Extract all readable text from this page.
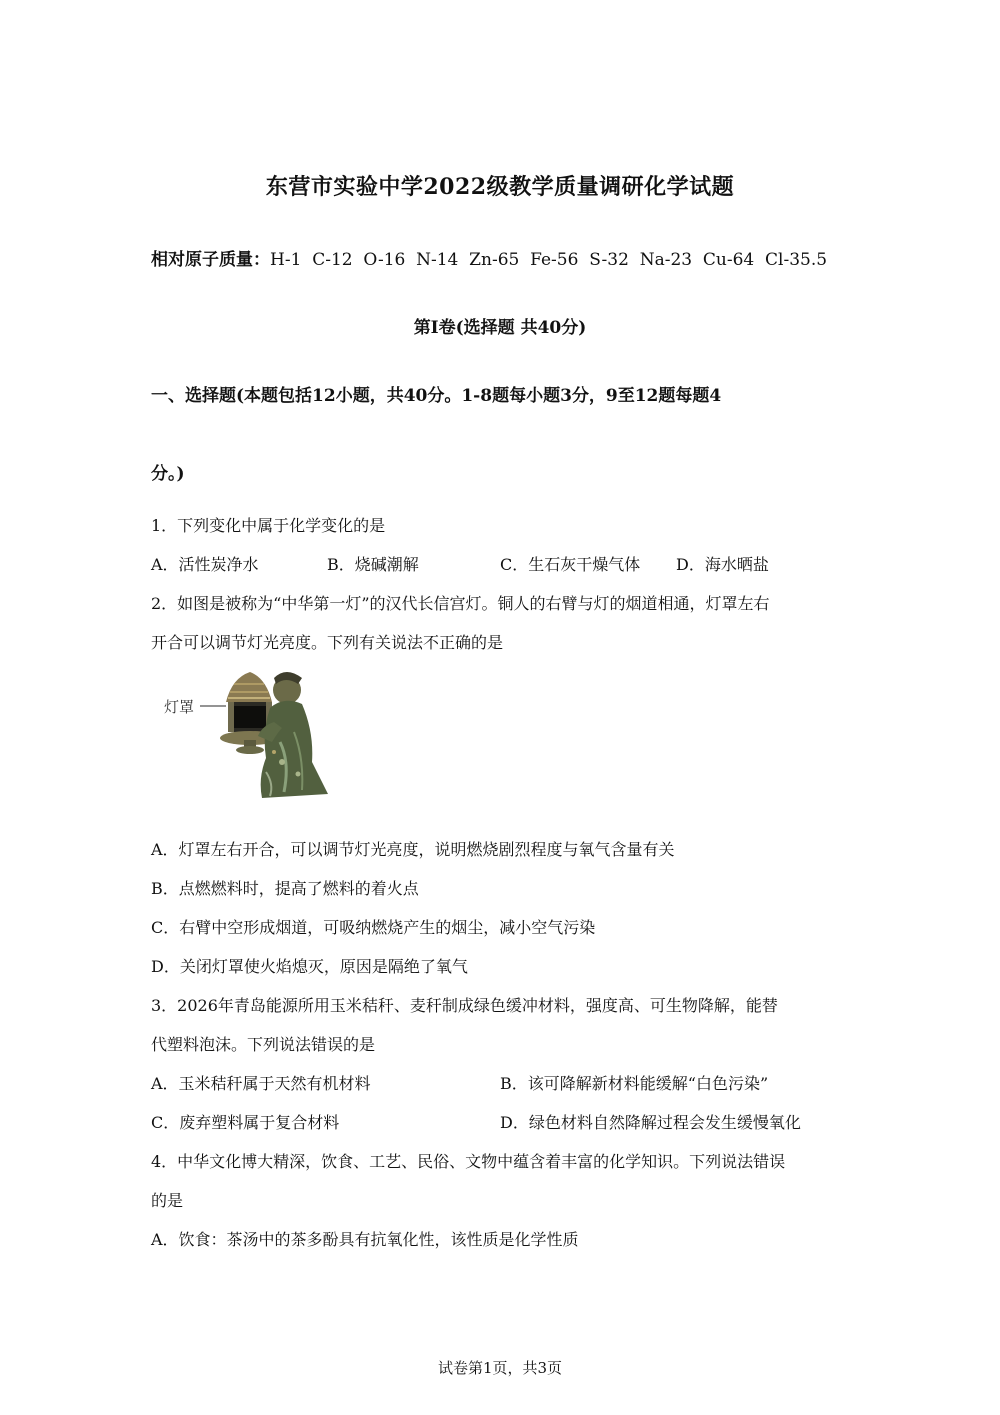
东营市实验中学2022级教学质量调研化学试题
相对原子质量：H-1  C-12  O-16  N-14  Zn-65  Fe-56  S-32  Na-23  Cu-64  Cl-35.5
第Ⅰ卷(选择题 共40分)
一、选择题(本题包括12小题，共40分。1-8题每小题3分，9至12题每题4
分。)
1．下列变化中属于化学变化的是
A．活性炭净水	B．烧碱潮解	C．生石灰干燥气体 D．海水晒盐
2．如图是被称为“中华第一灯”的汉代长信宫灯。铜人的右臂与灯的烟道相通，灯罩左右
开合可以调节灯光亮度。下列有关说法不正确的是
灯罩
A．灯罩左右开合，可以调节灯光亮度，说明燃烧剧烈程度与氧气含量有关
B．点燃燃料时，提高了燃料的着火点
C．右臂中空形成烟道，可吸纳燃烧产生的烟尘，减小空气污染
D．关闭灯罩使火焰熄灭，原因是隔绝了氧气
3．2026年青岛能源所用玉米秸秆、麦秆制成绿色缓冲材料，强度高、可生物降解，能替
代塑料泡沫。下列说法错误的是
A．玉米秸秆属于天然有机材料	B．该可降解新材料能缓解“白色污染”
C．废弃塑料属于复合材料	D．绿色材料自然降解过程会发生缓慢氧化
4．中华文化博大精深，饮食、工艺、民俗、文物中蕴含着丰富的化学知识。下列说法错误
的是
A．饮食：茶汤中的茶多酚具有抗氧化性，该性质是化学性质
试卷第1页，共3页
